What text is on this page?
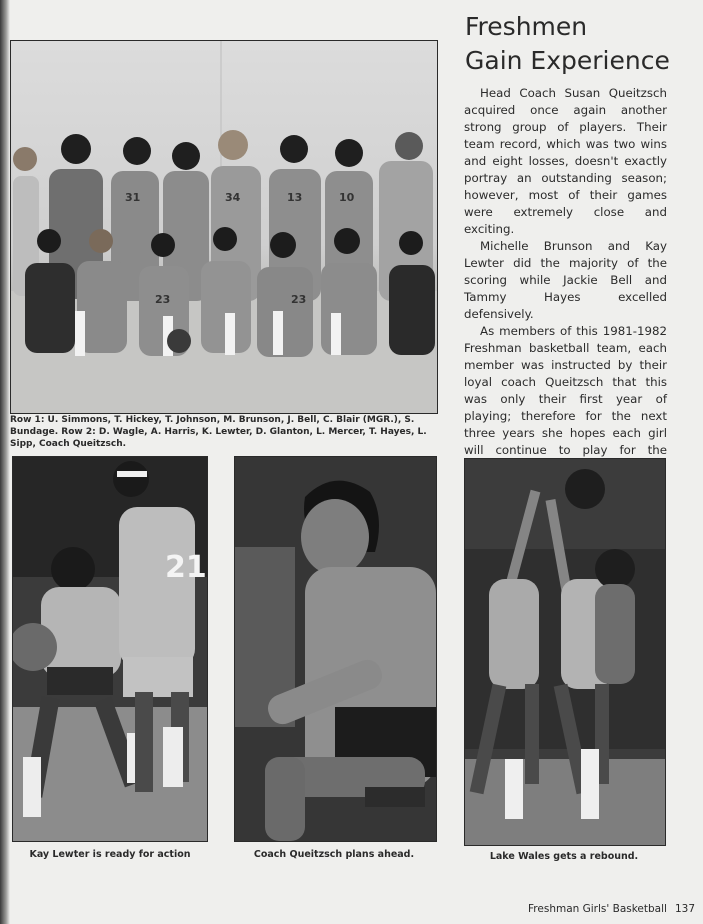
31
23
34	13	10
23
Row 1: U. Simmons, T. Hickey, T. Johnson, M. Brunson, J. Bell, C. Blair (MGR.), S. Bundage. Row 2: D. Wagle, A. Harris, K. Lewter, D. Glanton, L. Mercer, T. Hayes, L. Sipp, Coach Queitzsch.
Freshmen
Gain Experience

Head Coach Susan Queitzsch acquired once again another strong group of players. Their team record, which was two wins and eight losses, doesn't exactly portray an outstanding season; however, most of their games were extremely close and exciting.

Michelle Brunson and Kay Lewter did the majority of the scoring while Jackie Bell and Tammy Hayes excelled defensively.

As members of this 1981-1982 Freshman basketball team, each member was instructed by their loyal coach Queitzsch that this was only their first year of playing; therefore for the next three years she hopes each girl will continue to play for the

21
Kay Lewter is ready for action	Coach Queitzsch plans ahead.	Lake Wales gets a rebound.
Freshman Girls' Basketball 137
